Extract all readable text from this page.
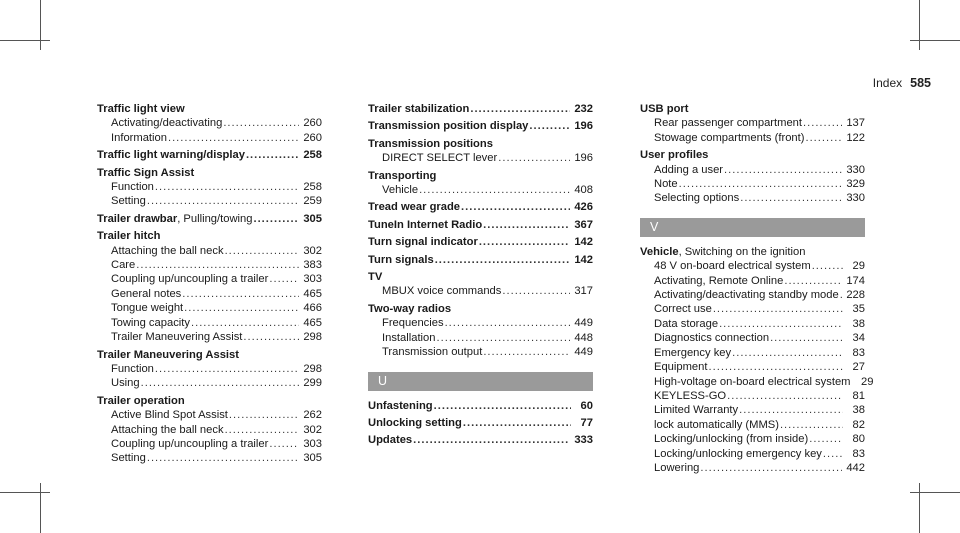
Index 585
Traffic light view
Activating/deactivating .....	260
Information .....	260
Traffic light warning/display .....	258
Traffic Sign Assist
Function .....	258
Setting .....	259
Trailer drawbar, Pulling/towing .....	305
Trailer hitch
Attaching the ball neck .....	302
Care .....	383
Coupling up/uncoupling a trailer .....	303
General notes .....	465
Tongue weight .....	466
Towing capacity .....	465
Trailer Maneuvering Assist .....	298
Trailer Maneuvering Assist
Function .....	298
Using .....	299
Trailer operation
Active Blind Spot Assist .....	262
Attaching the ball neck .....	302
Coupling up/uncoupling a trailer .....	303
Setting .....	305
Trailer stabilization .....	232
Transmission position display .....	196
Transmission positions
DIRECT SELECT lever .....	196
Transporting
Vehicle .....	408
Tread wear grade .....	426
TuneIn Internet Radio .....	367
Turn signal indicator .....	142
Turn signals .....	142
TV
MBUX voice commands .....	317
Two-way radios
Frequencies .....	449
Installation .....	448
Transmission output .....	449
U
Unfastening .....	60
Unlocking setting .....	77
Updates .....	333
USB port
Rear passenger compartment .....	137
Stowage compartments (front) .....	122
User profiles
Adding a user .....	330
Note .....	329
Selecting options .....	330
V
Vehicle, Switching on the ignition
48 V on-board electrical system .....	29
Activating, Remote Online .....	174
Activating/deactivating standby mode ..... 228
Correct use .....	35
Data storage .....	38
Diagnostics connection .....	34
Emergency key .....	83
Equipment .....	27
High-voltage on-board electrical system 29
KEYLESS-GO .....	81
Limited Warranty .....	38
lock automatically (MMS) .....	82
Locking/unlocking (from inside) .....	80
Locking/unlocking emergency key .....	83
Lowering .....	442
